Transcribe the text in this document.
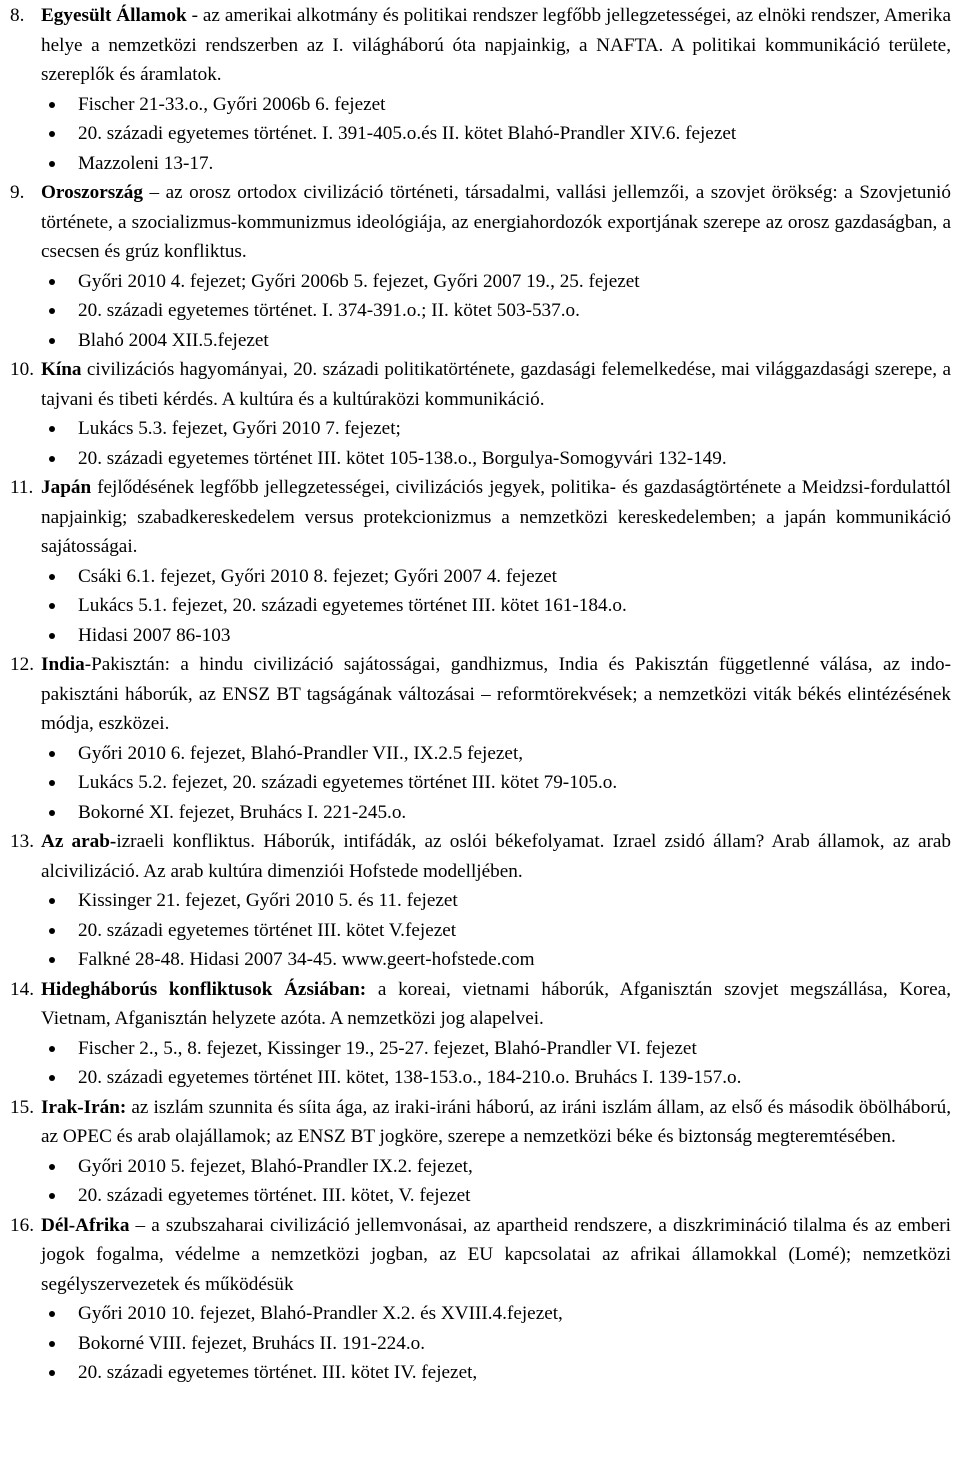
8. Egyesült Államok - az amerikai alkotmány és politikai rendszer legfőbb jellegzetességei, az elnöki rendszer, Amerika helye a nemzetközi rendszerben az I. világháború óta napjainkig, a NAFTA. A politikai kommunikáció területe, szereplők és áramlatok.
Fischer 21-33.o., Győri 2006b 6. fejezet
20. századi egyetemes történet. I. 391-405.o.és II. kötet Blahó-Prandler XIV.6. fejezet
Mazzoleni 13-17.
9. Oroszország – az orosz ortodox civilizáció történeti, társadalmi, vallási jellemzői, a szovjet örökség: a Szovjetunió története, a szocializmus-kommunizmus ideológiája, az energiahordozók exportjának szerepe az orosz gazdaságban, a csecsen és grúz konfliktus.
Győri 2010 4. fejezet; Győri 2006b 5. fejezet, Győri 2007 19., 25. fejezet
20. századi egyetemes történet. I. 374-391.o.; II. kötet 503-537.o.
Blahó 2004 XII.5.fejezet
10. Kína civilizációs hagyományai, 20. századi politikatörténete, gazdasági felemelkedése, mai világgazdasági szerepe, a tajvani és tibeti kérdés. A kultúra és a kultúraközi kommunikáció.
Lukács 5.3. fejezet, Győri 2010 7. fejezet;
20. századi egyetemes történet III. kötet 105-138.o., Borgulya-Somogyvári 132-149.
11. Japán fejlődésének legfőbb jellegzetességei, civilizációs jegyek, politika- és gazdaságtörténete a Meidzsi-fordulattól napjainkig; szabadkereskedelem versus protekcionizmus a nemzetközi kereskedelemben; a japán kommunikáció sajátosságai.
Csáki 6.1. fejezet, Győri 2010 8. fejezet; Győri 2007 4. fejezet
Lukács 5.1. fejezet, 20. századi egyetemes történet III. kötet 161-184.o.
Hidasi 2007 86-103
12. India-Pakisztán: a hindu civilizáció sajátosságai, gandhizmus, India és Pakisztán függetlenné válása, az indo-pakisztáni háborúk, az ENSZ BT tagságának változásai – reformtörekvések; a nemzetközi viták békés elintézésének módja, eszközei.
Győri 2010 6. fejezet, Blahó-Prandler VII., IX.2.5 fejezet,
Lukács 5.2. fejezet, 20. századi egyetemes történet III. kötet 79-105.o.
Bokorné XI. fejezet, Bruhács I. 221-245.o.
13. Az arab-izraeli konfliktus. Háborúk, intifádák, az oslói békefolyamat. Izrael zsidó állam? Arab államok, az arab alcivilizáció. Az arab kultúra dimenziói Hofstede modelljében.
Kissinger 21. fejezet, Győri 2010 5. és 11. fejezet
20. századi egyetemes történet III. kötet V.fejezet
Falkné 28-48. Hidasi 2007 34-45. www.geert-hofstede.com
14. Hidegháborús konfliktusok Ázsiában: a koreai, vietnami háborúk, Afganisztán szovjet megszállása, Korea, Vietnam, Afganisztán helyzete azóta. A nemzetközi jog alapelvei.
Fischer 2., 5., 8. fejezet, Kissinger 19., 25-27. fejezet, Blahó-Prandler VI. fejezet
20. századi egyetemes történet III. kötet, 138-153.o., 184-210.o. Bruhács I. 139-157.o.
15. Irak-Irán: az iszlám szunnita és síita ága, az iraki-iráni háború, az iráni iszlám állam, az első és második öbölháború, az OPEC és arab olajállamok; az ENSZ BT jogköre, szerepe a nemzetközi béke és biztonság megteremtésében.
Győri 2010 5. fejezet, Blahó-Prandler IX.2. fejezet,
20. századi egyetemes történet. III. kötet, V. fejezet
16. Dél-Afrika – a szubszaharai civilizáció jellemvonásai, az apartheid rendszere, a diszkrimináció tilalma és az emberi jogok fogalma, védelme a nemzetközi jogban, az EU kapcsolatai az afrikai államokkal (Lomé); nemzetközi segélyszervezetek és működésük
Győri 2010 10. fejezet, Blahó-Prandler X.2. és XVIII.4.fejezet,
Bokorné VIII. fejezet, Bruhács II. 191-224.o.
20. századi egyetemes történet. III. kötet IV. fejezet,
